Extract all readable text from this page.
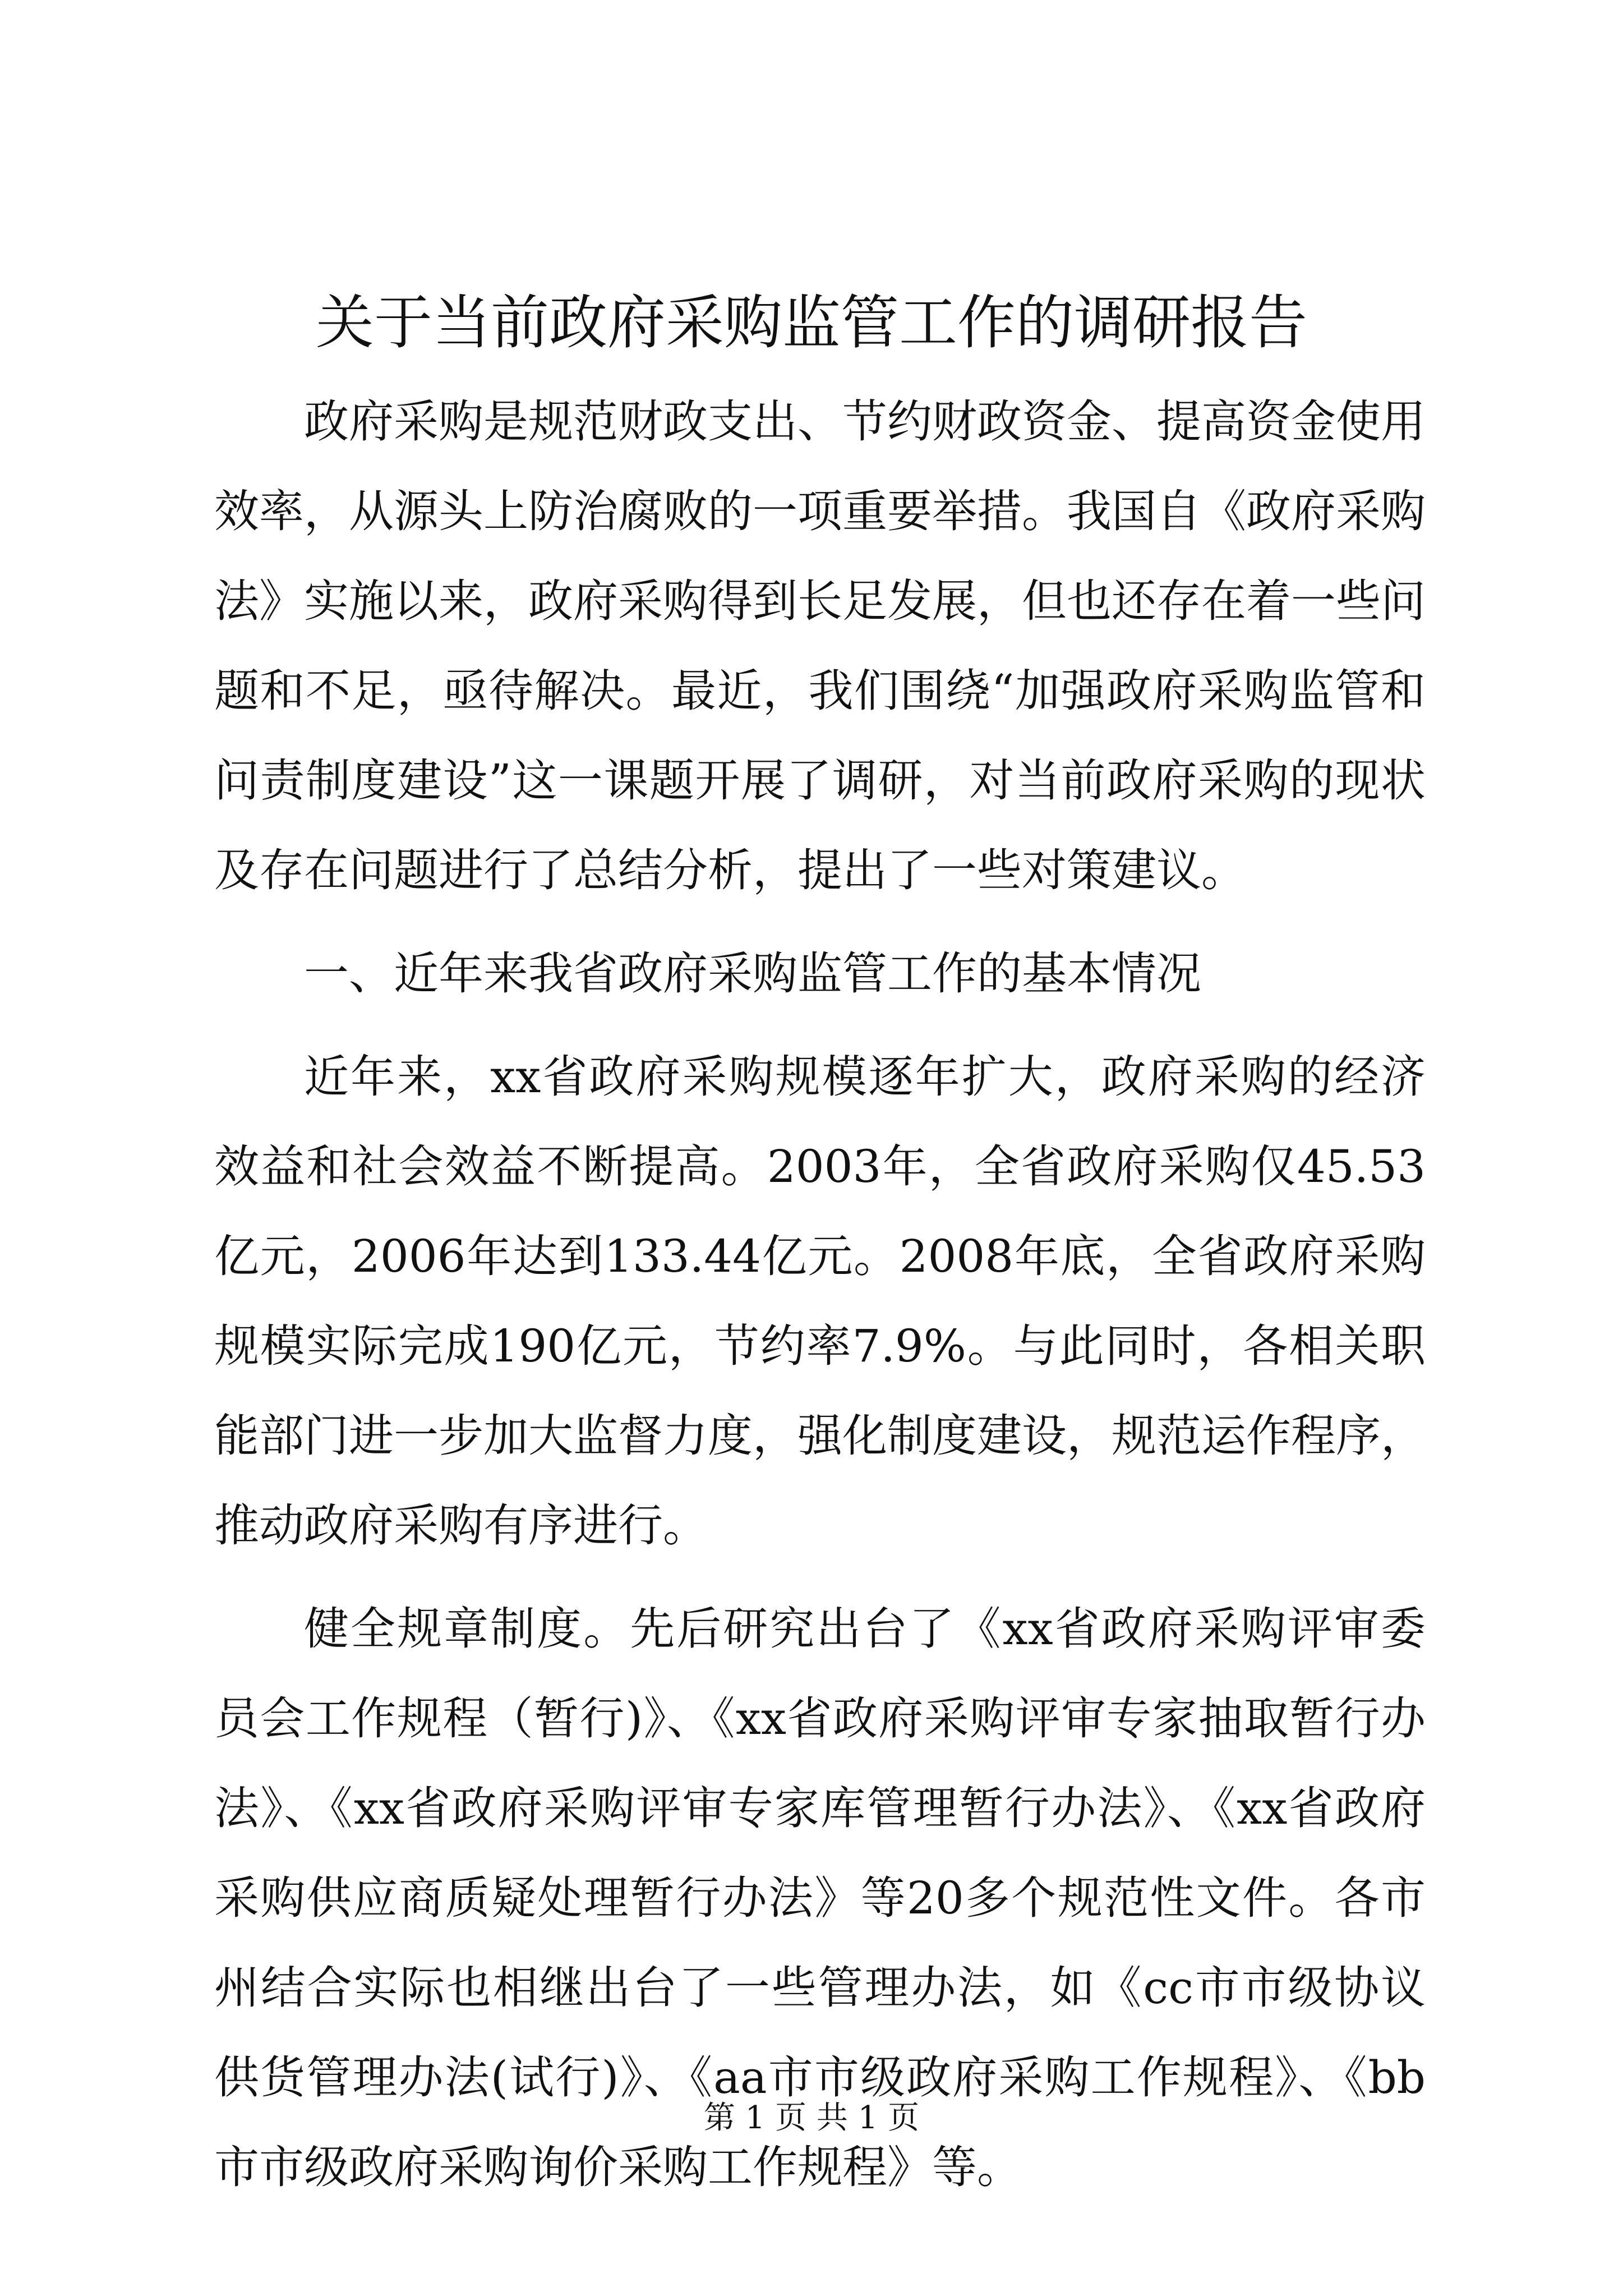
关于当前政府采购监管工作的调研报告

政府采购是规范财政支出、节约财政资金、提高资金使用效率，从源头上防治腐败的一项重要举措。我国自《政府采购法》实施以来，政府采购得到长足发展，但也还存在着一些问题和不足，亟待解决。最近，我们围绕“加强政府采购监管和问责制度建设”这一课题开展了调研，对当前政府采购的现状及存在问题进行了总结分析，提出了一些对策建议。

一、近年来我省政府采购监管工作的基本情况

近年来，xx省政府采购规模逐年扩大，政府采购的经济效益和社会效益不断提高。2003年，全省政府采购仅45.53亿元，2006年达到133.44亿元。2008年底，全省政府采购规模实际完成190亿元，节约率7.9%。与此同时，各相关职能部门进一步加大监督力度，强化制度建设，规范运作程序，推动政府采购有序进行。

健全规章制度。先后研究出台了《xx省政府采购评审委员会工作规程（暂行)》、《xx省政府采购评审专家抽取暂行办法》、《xx省政府采购评审专家库管理暂行办法》、《xx省政府采购供应商质疑处理暂行办法》等20多个规范性文件。各市州结合实际也相继出台了一些管理办法，如《cc市市级协议供货管理办法(试行)》、《aa市市级政府采购工作规程》、《bb市市级政府采购询价采购工作规程》等。

第 1 页 共 1 页
